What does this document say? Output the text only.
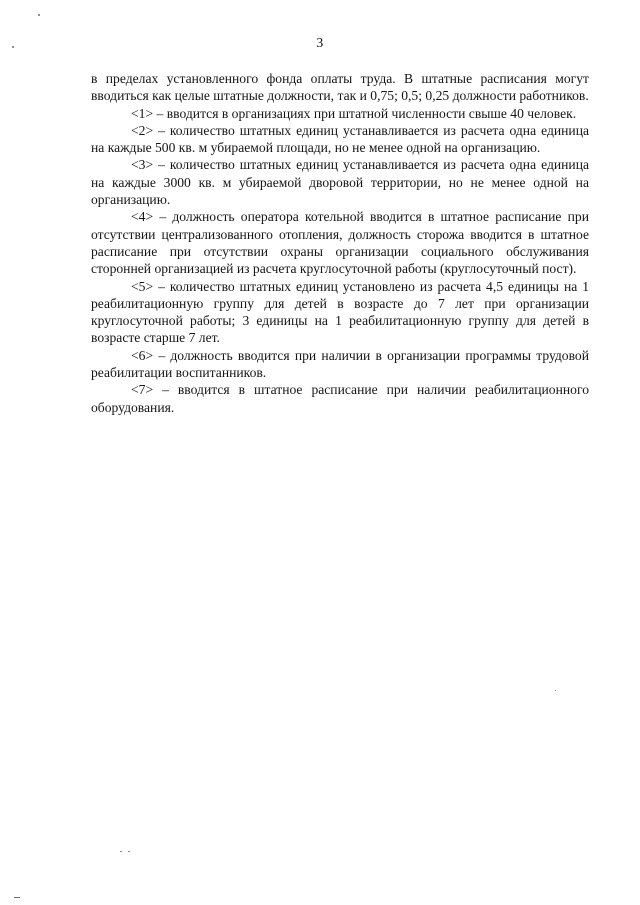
3

в пределах установленного фонда оплаты труда. В штатные расписания могут вводиться как целые штатные должности, так и 0,75; 0,5; 0,25 должности работников.

<1> – вводится в организациях при штатной численности свыше 40 человек.

<2> – количество штатных единиц устанавливается из расчета одна единица на каждые 500 кв. м убираемой площади, но не менее одной на организацию.

<3> – количество штатных единиц устанавливается из расчета одна единица на каждые 3000 кв. м убираемой дворовой территории, но не менее одной на организацию.

<4> – должность оператора котельной вводится в штатное расписание при отсутствии централизованного отопления, должность сторожа вводится в штатное расписание при отсутствии охраны организации социального обслуживания сторонней организацией из расчета круглосуточной работы (круглосуточный пост).

<5> – количество штатных единиц установлено из расчета 4,5 единицы на 1 реабилитационную группу для детей в возрасте до 7 лет при организации круглосуточной работы; 3 единицы на 1 реабилитационную группу для детей в возрасте старше 7 лет.

<6> – должность вводится при наличии в организации программы трудовой реабилитации воспитанников.

<7> – вводится в штатное расписание при наличии реабилитационного оборудования.
